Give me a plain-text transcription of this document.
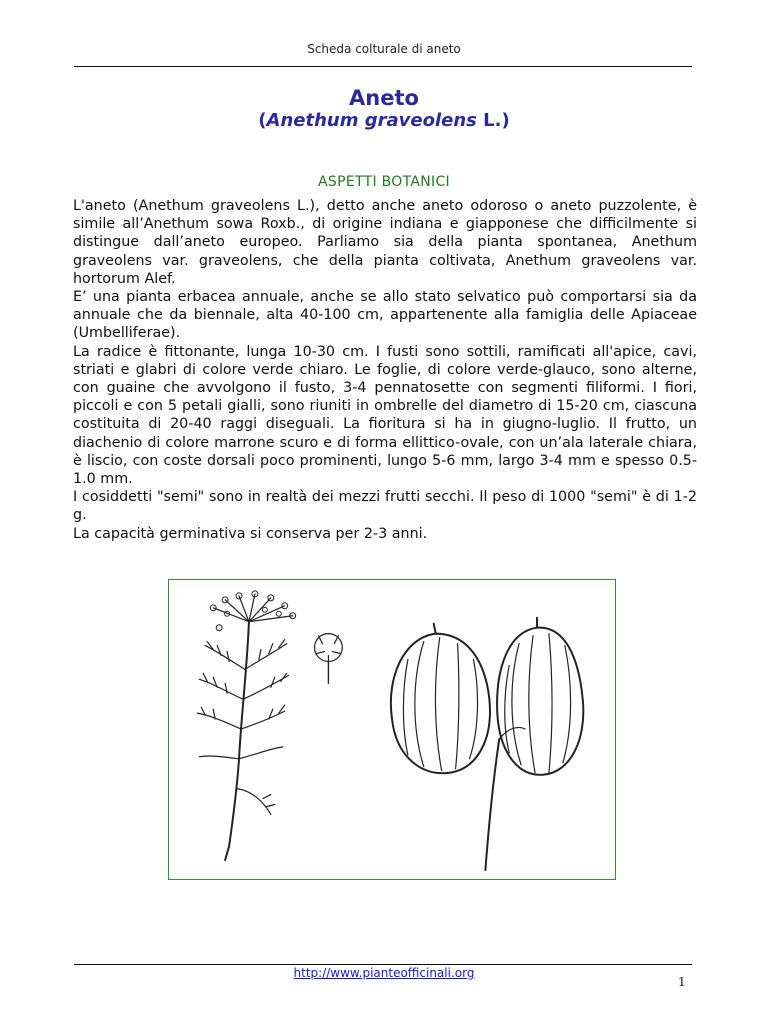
Scheda colturale di aneto
Aneto
(Anethum graveolens L.)
ASPETTI BOTANICI

L'aneto (Anethum graveolens L.), detto anche aneto odoroso o aneto puzzolente, è simile all’Anethum sowa Roxb., di origine indiana e giapponese che difficilmente si distingue dall’aneto europeo. Parliamo sia della pianta spontanea, Anethum graveolens var. graveolens, che della pianta coltivata, Anethum graveolens var. hortorum Alef.

E’ una pianta erbacea annuale, anche se allo stato selvatico può comportarsi sia da annuale che da biennale, alta 40-100 cm, appartenente alla famiglia delle Apiaceae (Umbelliferae).

La radice è fittonante, lunga 10-30 cm. I fusti sono sottili, ramificati all'apice, cavi, striati e glabri di colore verde chiaro. Le foglie, di colore verde-glauco, sono alterne, con guaine che avvolgono il fusto, 3-4 pennatosette con segmenti filiformi. I fiori, piccoli e con 5 petali gialli, sono riuniti in ombrelle del diametro di 15-20 cm, ciascuna costituita di 20-40 raggi diseguali. La fioritura si ha in giugno-luglio. Il frutto, un diachenio di colore marrone scuro e di forma ellittico-ovale, con un’ala laterale chiara, è liscio, con coste dorsali poco prominenti, lungo 5-6 mm, largo 3-4 mm e spesso 0.5-1.0 mm.

I cosiddetti "semi" sono in realtà dei mezzi frutti secchi. Il peso di 1000 "semi" è di 1-2 g.

La capacità germinativa si conserva per 2-3 anni.

http://www.pianteofficinali.org
1
